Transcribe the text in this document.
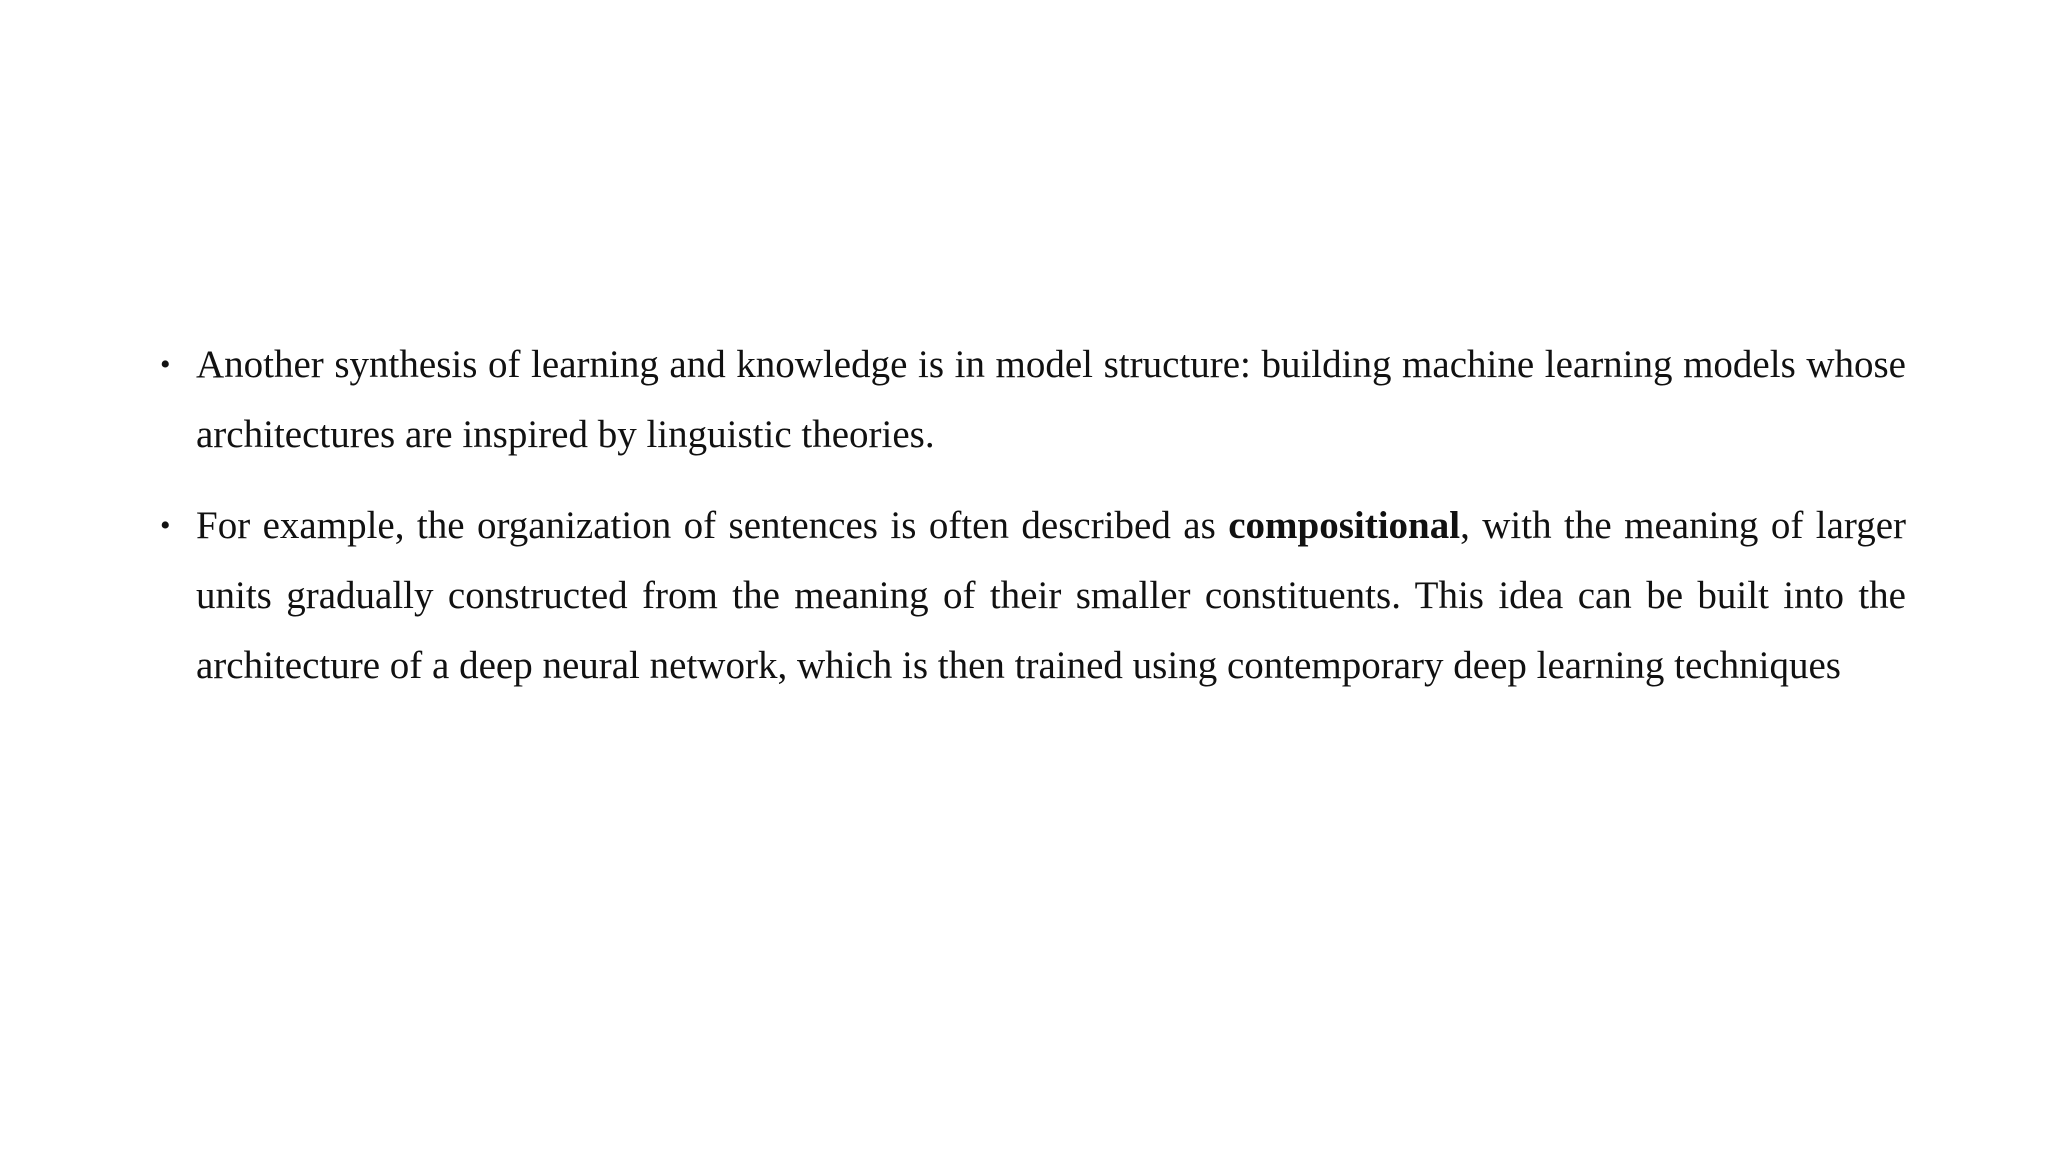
• Another synthesis of learning and knowledge is in model structure: building machine learning models whose architectures are inspired by linguistic theories.
• For example, the organization of sentences is often described as compositional, with the meaning of larger units gradually constructed from the meaning of their smaller constituents. This idea can be built into the architecture of a deep neural network, which is then trained using contemporary deep learning techniques
